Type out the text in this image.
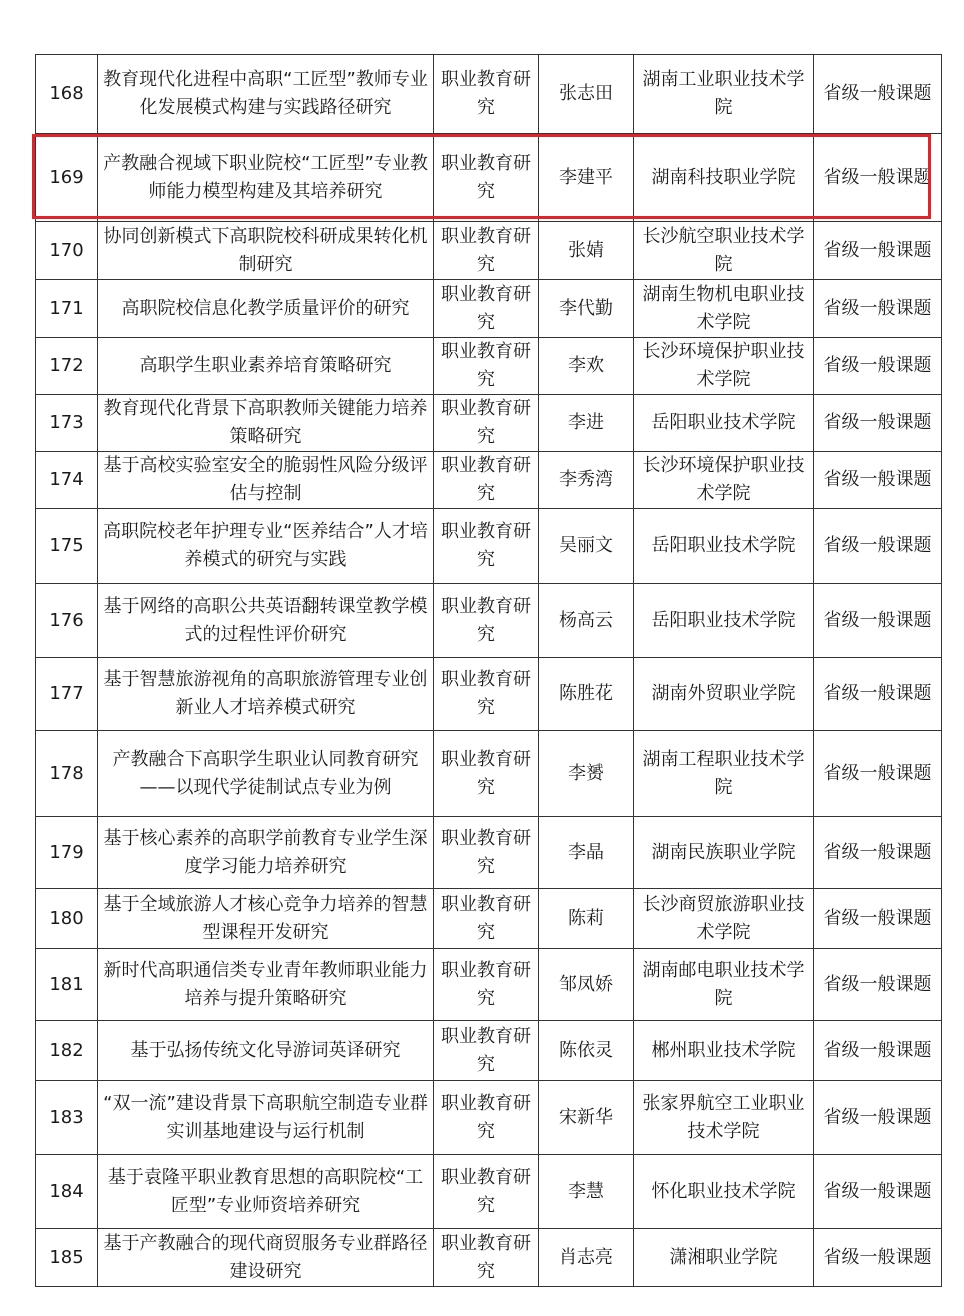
168	教育现代化进程中高职“工匠型”教师专业化发展模式构建与实践路径研究	职业教育研究	张志田	湖南工业职业技术学院	省级一般课题
169	产教融合视域下职业院校“工匠型”专业教师能力模型构建及其培养研究	职业教育研究	李建平	湖南科技职业学院	省级一般课题
170	协同创新模式下高职院校科研成果转化机制研究	职业教育研究	张婧	长沙航空职业技术学院	省级一般课题
171	高职院校信息化教学质量评价的研究	职业教育研究	李代勤	湖南生物机电职业技术学院	省级一般课题
172	高职学生职业素养培育策略研究	职业教育研究	李欢	长沙环境保护职业技术学院	省级一般课题
173	教育现代化背景下高职教师关键能力培养策略研究	职业教育研究	李进	岳阳职业技术学院	省级一般课题
174	基于高校实验室安全的脆弱性风险分级评估与控制	职业教育研究	李秀湾	长沙环境保护职业技术学院	省级一般课题
175	高职院校老年护理专业“医养结合”人才培养模式的研究与实践	职业教育研究	吴丽文	岳阳职业技术学院	省级一般课题
176	基于网络的高职公共英语翻转课堂教学模式的过程性评价研究	职业教育研究	杨高云	岳阳职业技术学院	省级一般课题
177	基于智慧旅游视角的高职旅游管理专业创新业人才培养模式研究	职业教育研究	陈胜花	湖南外贸职业学院	省级一般课题
178	产教融合下高职学生职业认同教育研究——以现代学徒制试点专业为例	职业教育研究	李赟	湖南工程职业技术学院	省级一般课题
179	基于核心素养的高职学前教育专业学生深度学习能力培养研究	职业教育研究	李晶	湖南民族职业学院	省级一般课题
180	基于全域旅游人才核心竞争力培养的智慧型课程开发研究	职业教育研究	陈莉	长沙商贸旅游职业技术学院	省级一般课题
181	新时代高职通信类专业青年教师职业能力培养与提升策略研究	职业教育研究	邹凤娇	湖南邮电职业技术学院	省级一般课题
182	基于弘扬传统文化导游词英译研究	职业教育研究	陈依灵	郴州职业技术学院	省级一般课题
183	“双一流”建设背景下高职航空制造专业群实训基地建设与运行机制	职业教育研究	宋新华	张家界航空工业职业技术学院	省级一般课题
184	基于袁隆平职业教育思想的高职院校“工匠型”专业师资培养研究	职业教育研究	李慧	怀化职业技术学院	省级一般课题
185	基于产教融合的现代商贸服务专业群路径建设研究	职业教育研究	肖志亮	潇湘职业学院	省级一般课题
